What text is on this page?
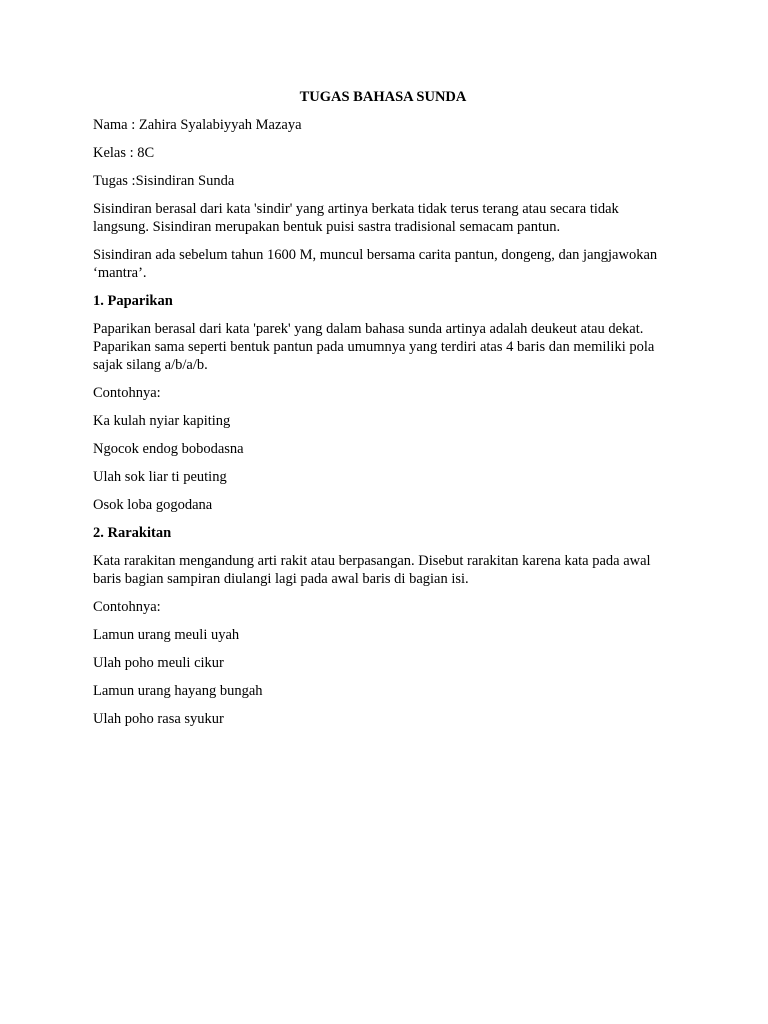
TUGAS BAHASA SUNDA
Nama : Zahira Syalabiyyah Mazaya
Kelas : 8C
Tugas :Sisindiran Sunda
Sisindiran berasal dari kata 'sindir' yang artinya berkata tidak terus terang atau secara tidak langsung. Sisindiran merupakan bentuk puisi sastra tradisional semacam pantun.
Sisindiran ada sebelum tahun 1600 M, muncul bersama carita pantun, dongeng, dan jangjawokan ‘mantra’.
1. Paparikan
Paparikan berasal dari kata 'parek' yang dalam bahasa sunda artinya adalah deukeut atau dekat. Paparikan sama seperti bentuk pantun pada umumnya yang terdiri atas 4 baris dan memiliki pola sajak silang a/b/a/b.
Contohnya:
Ka kulah nyiar kapiting
Ngocok endog bobodasna
Ulah sok liar ti peuting
Osok loba gogodana
2. Rarakitan
Kata rarakitan mengandung arti rakit atau berpasangan. Disebut rarakitan karena kata pada awal baris bagian sampiran diulangi lagi pada awal baris di bagian isi.
Contohnya:
Lamun urang meuli uyah
Ulah poho meuli cikur
Lamun urang hayang bungah
Ulah poho rasa syukur
